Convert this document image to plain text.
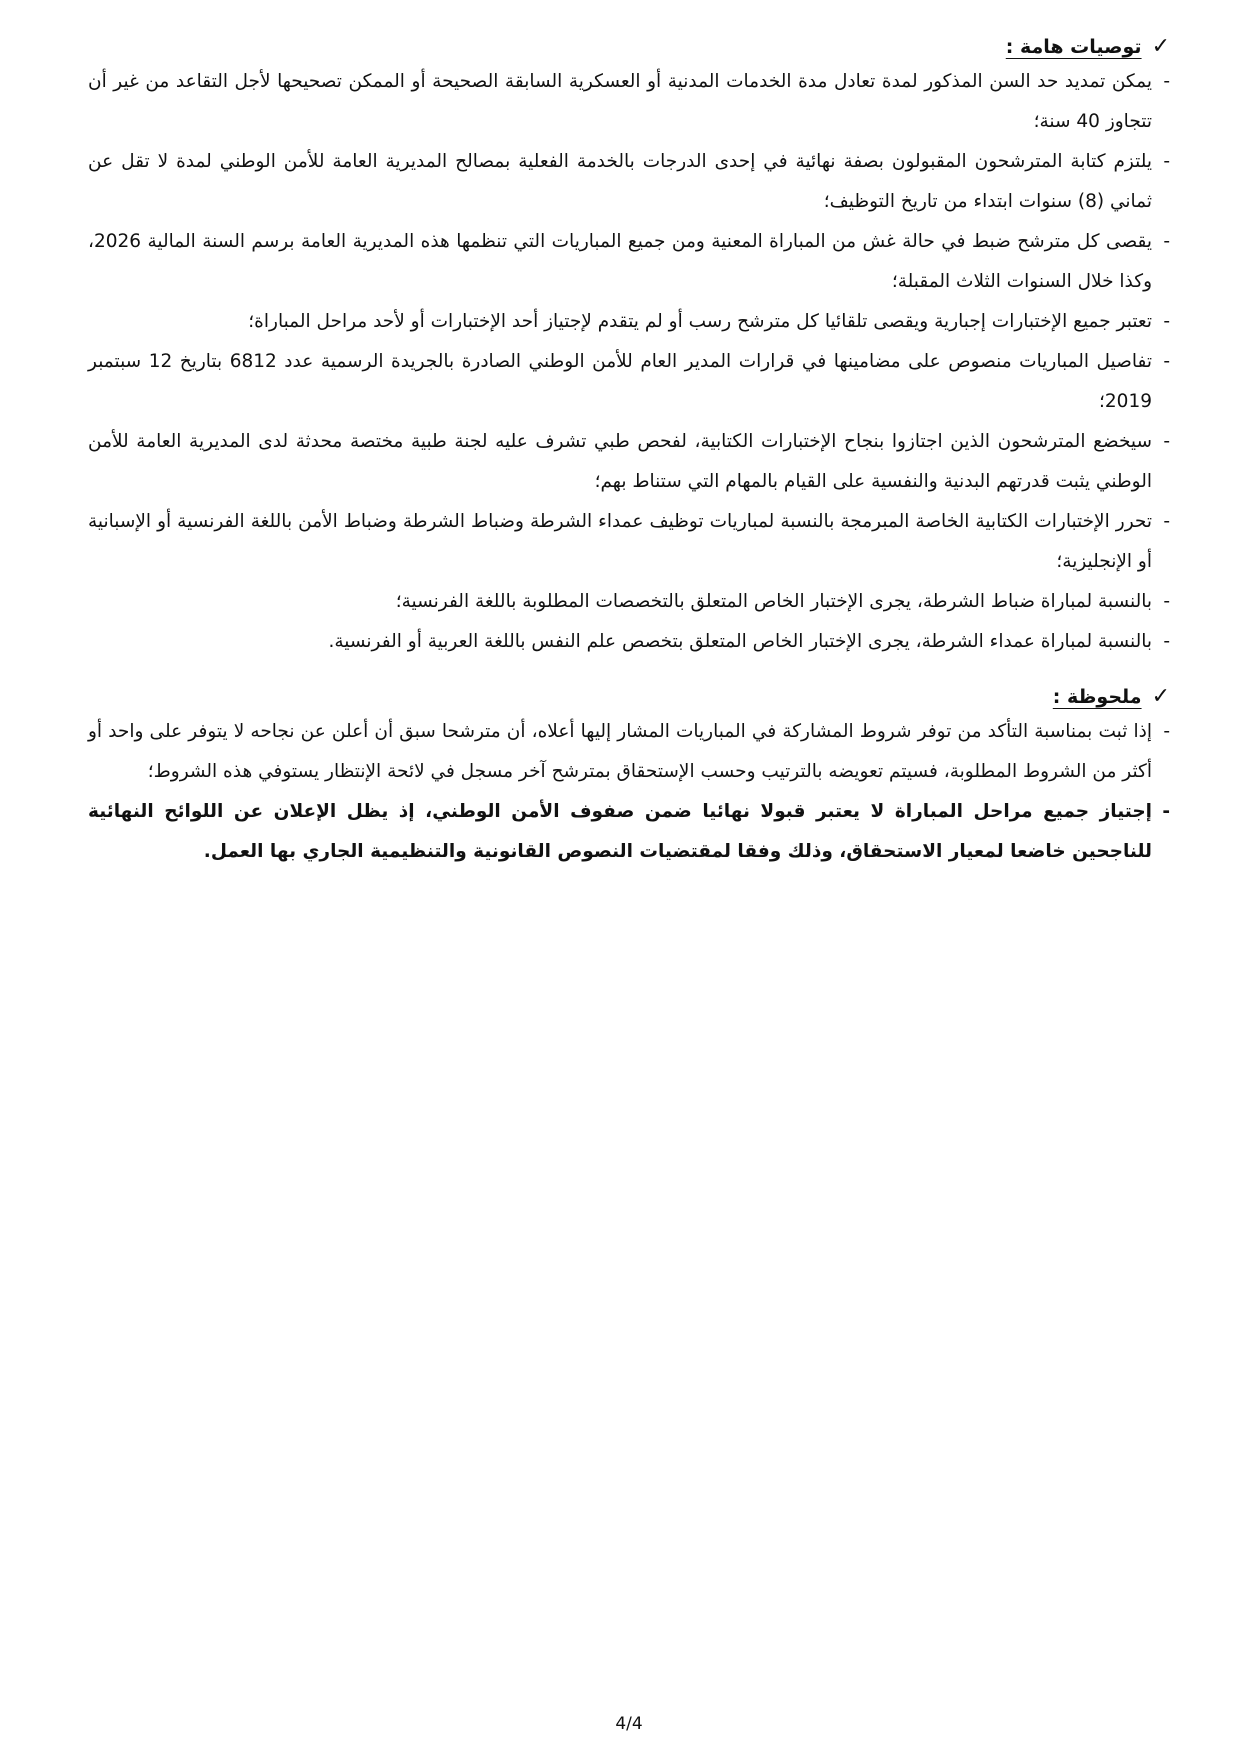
✓
توصيات هامة :
- يمكن تمديد حد السن المذكور لمدة تعادل مدة الخدمات المدنية أو العسكرية السابقة الصحيحة أو الممكن تصحيحها لأجل التقاعد من غير أن تتجاوز 40 سنة؛
- يلتزم كتابة المترشحون المقبولون بصفة نهائية في إحدى الدرجات بالخدمة الفعلية بمصالح المديرية العامة للأمن الوطني لمدة لا تقل عن ثماني (8) سنوات ابتداء من تاريخ التوظيف؛
- يقصى كل مترشح ضبط في حالة غش من المباراة المعنية ومن جميع المباريات التي تنظمها هذه المديرية العامة برسم السنة المالية 2026، وكذا خلال السنوات الثلاث المقبلة؛
- تعتبر جميع الإختبارات إجبارية ويقصى تلقائيا كل مترشح رسب أو لم يتقدم لإجتياز أحد الإختبارات أو لأحد مراحل المباراة؛
- تفاصيل المباريات منصوص على مضامينها في قرارات المدير العام للأمن الوطني الصادرة بالجريدة الرسمية عدد 6812 بتاريخ 12 سبتمبر 2019؛
- سيخضع المترشحون الذين اجتازوا بنجاح الإختبارات الكتابية، لفحص طبي تشرف عليه لجنة طبية مختصة محدثة لدى المديرية العامة للأمن الوطني يثبت قدرتهم البدنية والنفسية على القيام بالمهام التي ستناط بهم؛
- تحرر الإختبارات الكتابية الخاصة المبرمجة بالنسبة لمباريات توظيف عمداء الشرطة وضباط الشرطة وضباط الأمن باللغة الفرنسية أو الإسبانية أو الإنجليزية؛
- بالنسبة لمباراة ضباط الشرطة، يجرى الإختبار الخاص المتعلق بالتخصصات المطلوبة باللغة الفرنسية؛
- بالنسبة لمباراة عمداء الشرطة، يجرى الإختبار الخاص المتعلق بتخصص علم النفس باللغة العربية أو الفرنسية.
✓
ملحوظة :
- إذا ثبت بمناسبة التأكد من توفر شروط المشاركة في المباريات المشار إليها أعلاه، أن مترشحا سبق أن أعلن عن نجاحه لا يتوفر على واحد أو أكثر من الشروط المطلوبة، فسيتم تعويضه بالترتيب وحسب الإستحقاق بمترشح آخر مسجل في لائحة الإنتظار يستوفي هذه الشروط؛
- إجتياز جميع مراحل المباراة لا يعتبر قبولا نهائيا ضمن صفوف الأمن الوطني، إذ يظل الإعلان عن اللوائح النهائية للناجحين خاضعا لمعيار الاستحقاق، وذلك وفقا لمقتضيات النصوص القانونية والتنظيمية الجاري بها العمل.
4/4
